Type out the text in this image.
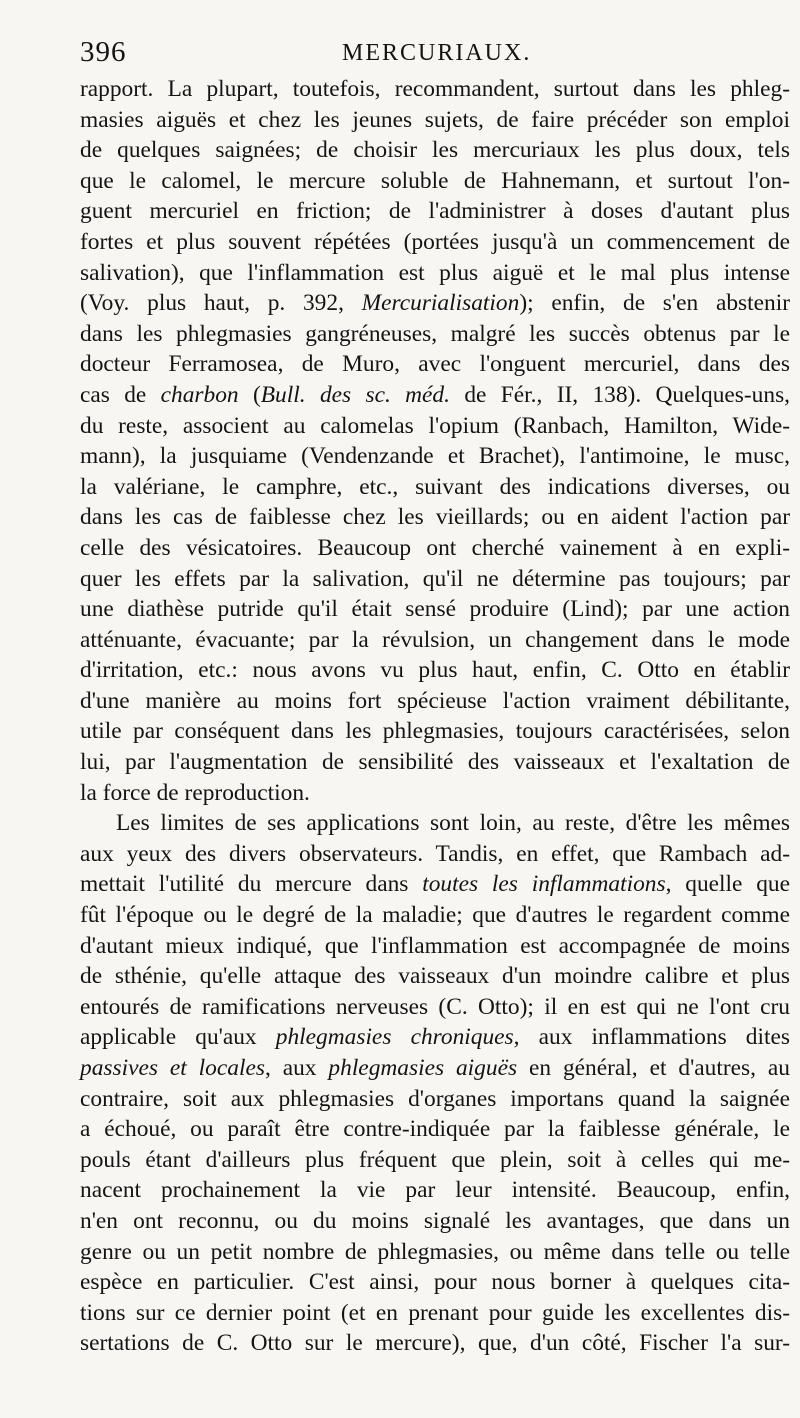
396	MERCURIAUX.
rapport. La plupart, toutefois, recommandent, surtout dans les phleg-
masies aiguës et chez les jeunes sujets, de faire précéder son emploi
de quelques saignées; de choisir les mercuriaux les plus doux, tels
que le calomel, le mercure soluble de Hahnemann, et surtout l'on-
guent mercuriel en friction; de l'administrer à doses d'autant plus
fortes et plus souvent répétées (portées jusqu'à un commencement de
salivation), que l'inflammation est plus aiguë et le mal plus intense
(Voy. plus haut, p. 392, Mercurialisation); enfin, de s'en abstenir
dans les phlegmasies gangréneuses, malgré les succès obtenus par le
docteur Ferramosea, de Muro, avec l'onguent mercuriel, dans des
cas de charbon (Bull. des sc. méd. de Fér., II, 138). Quelques-uns,
du reste, associent au calomelas l'opium (Ranbach, Hamilton, Wide-
mann), la jusquiame (Vendenzande et Brachet), l'antimoine, le musc,
la valériane, le camphre, etc., suivant des indications diverses, ou
dans les cas de faiblesse chez les vieillards; ou en aident l'action par
celle des vésicatoires. Beaucoup ont cherché vainement à en expli-
quer les effets par la salivation, qu'il ne détermine pas toujours; par
une diathèse putride qu'il était sensé produire (Lind); par une action
atténuante, évacuante; par la révulsion, un changement dans le mode
d'irritation, etc.: nous avons vu plus haut, enfin, C. Otto en établir
d'une manière au moins fort spécieuse l'action vraiment débilitante,
utile par conséquent dans les phlegmasies, toujours caractérisées, selon
lui, par l'augmentation de sensibilité des vaisseaux et l'exaltation de
la force de reproduction.
Les limites de ses applications sont loin, au reste, d'être les mêmes
aux yeux des divers observateurs. Tandis, en effet, que Rambach ad-
mettait l'utilité du mercure dans toutes les inflammations, quelle que
fût l'époque ou le degré de la maladie; que d'autres le regardent comme
d'autant mieux indiqué, que l'inflammation est accompagnée de moins
de sthénie, qu'elle attaque des vaisseaux d'un moindre calibre et plus
entourés de ramifications nerveuses (C. Otto); il en est qui ne l'ont cru
applicable qu'aux phlegmasies chroniques, aux inflammations dites
passives et locales, aux phlegmasies aiguës en général, et d'autres, au
contraire, soit aux phlegmasies d'organes importans quand la saignée
a échoué, ou paraît être contre-indiquée par la faiblesse générale, le
pouls étant d'ailleurs plus fréquent que plein, soit à celles qui me-
nacent prochainement la vie par leur intensité. Beaucoup, enfin,
n'en ont reconnu, ou du moins signalé les avantages, que dans un
genre ou un petit nombre de phlegmasies, ou même dans telle ou telle
espèce en particulier. C'est ainsi, pour nous borner à quelques cita-
tions sur ce dernier point (et en prenant pour guide les excellentes dis-
sertations de C. Otto sur le mercure), que, d'un côté, Fischer l'a sur-
